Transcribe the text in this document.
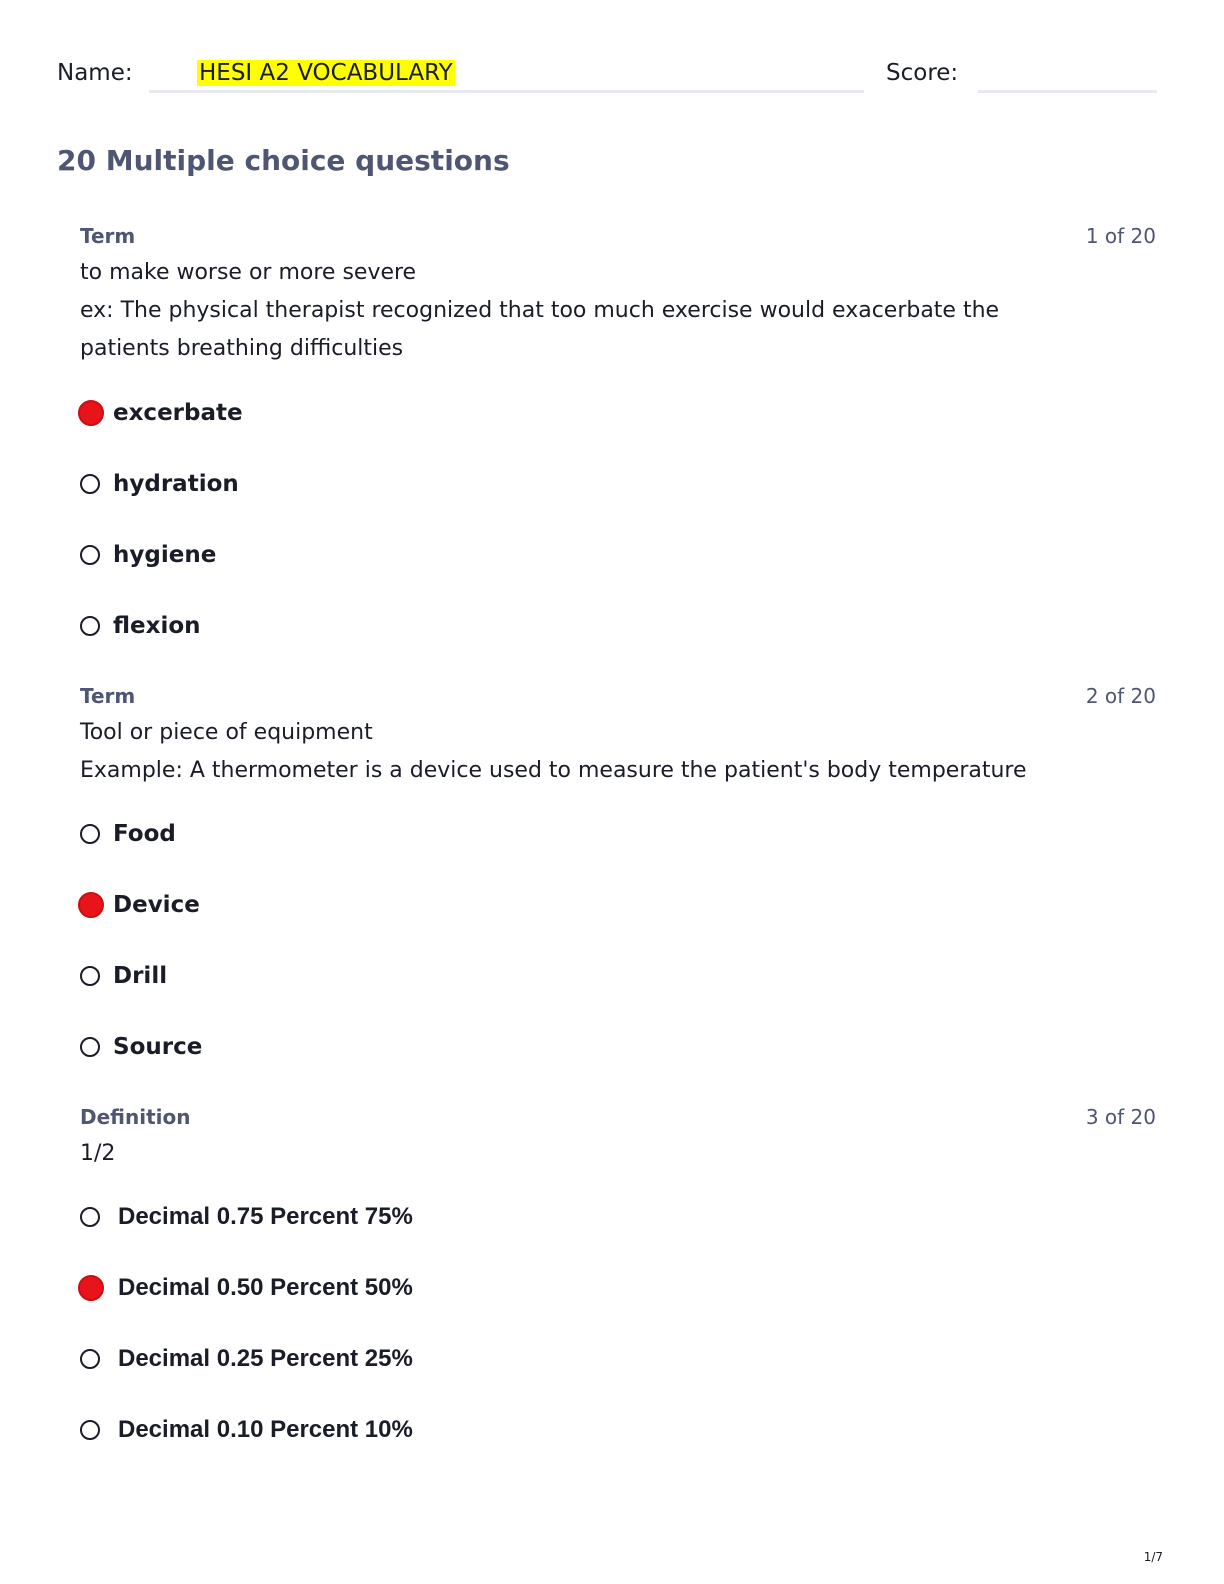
Name:	HESI A2 VOCABULARY	Score:
20 Multiple choice questions
Term	1 of 20
to make worse or more severe
ex: The physical therapist recognized that too much exercise would exacerbate the patients breathing difficulties
excerbate
hydration
hygiene
flexion
Term	2 of 20
Tool or piece of equipment
Example: A thermometer is a device used to measure the patient's body temperature
Food
Device
Drill
Source
Definition	3 of 20
1/2
Decimal 0.75 Percent 75%
Decimal 0.50 Percent 50%
Decimal 0.25 Percent 25%
Decimal 0.10 Percent 10%
1/7
